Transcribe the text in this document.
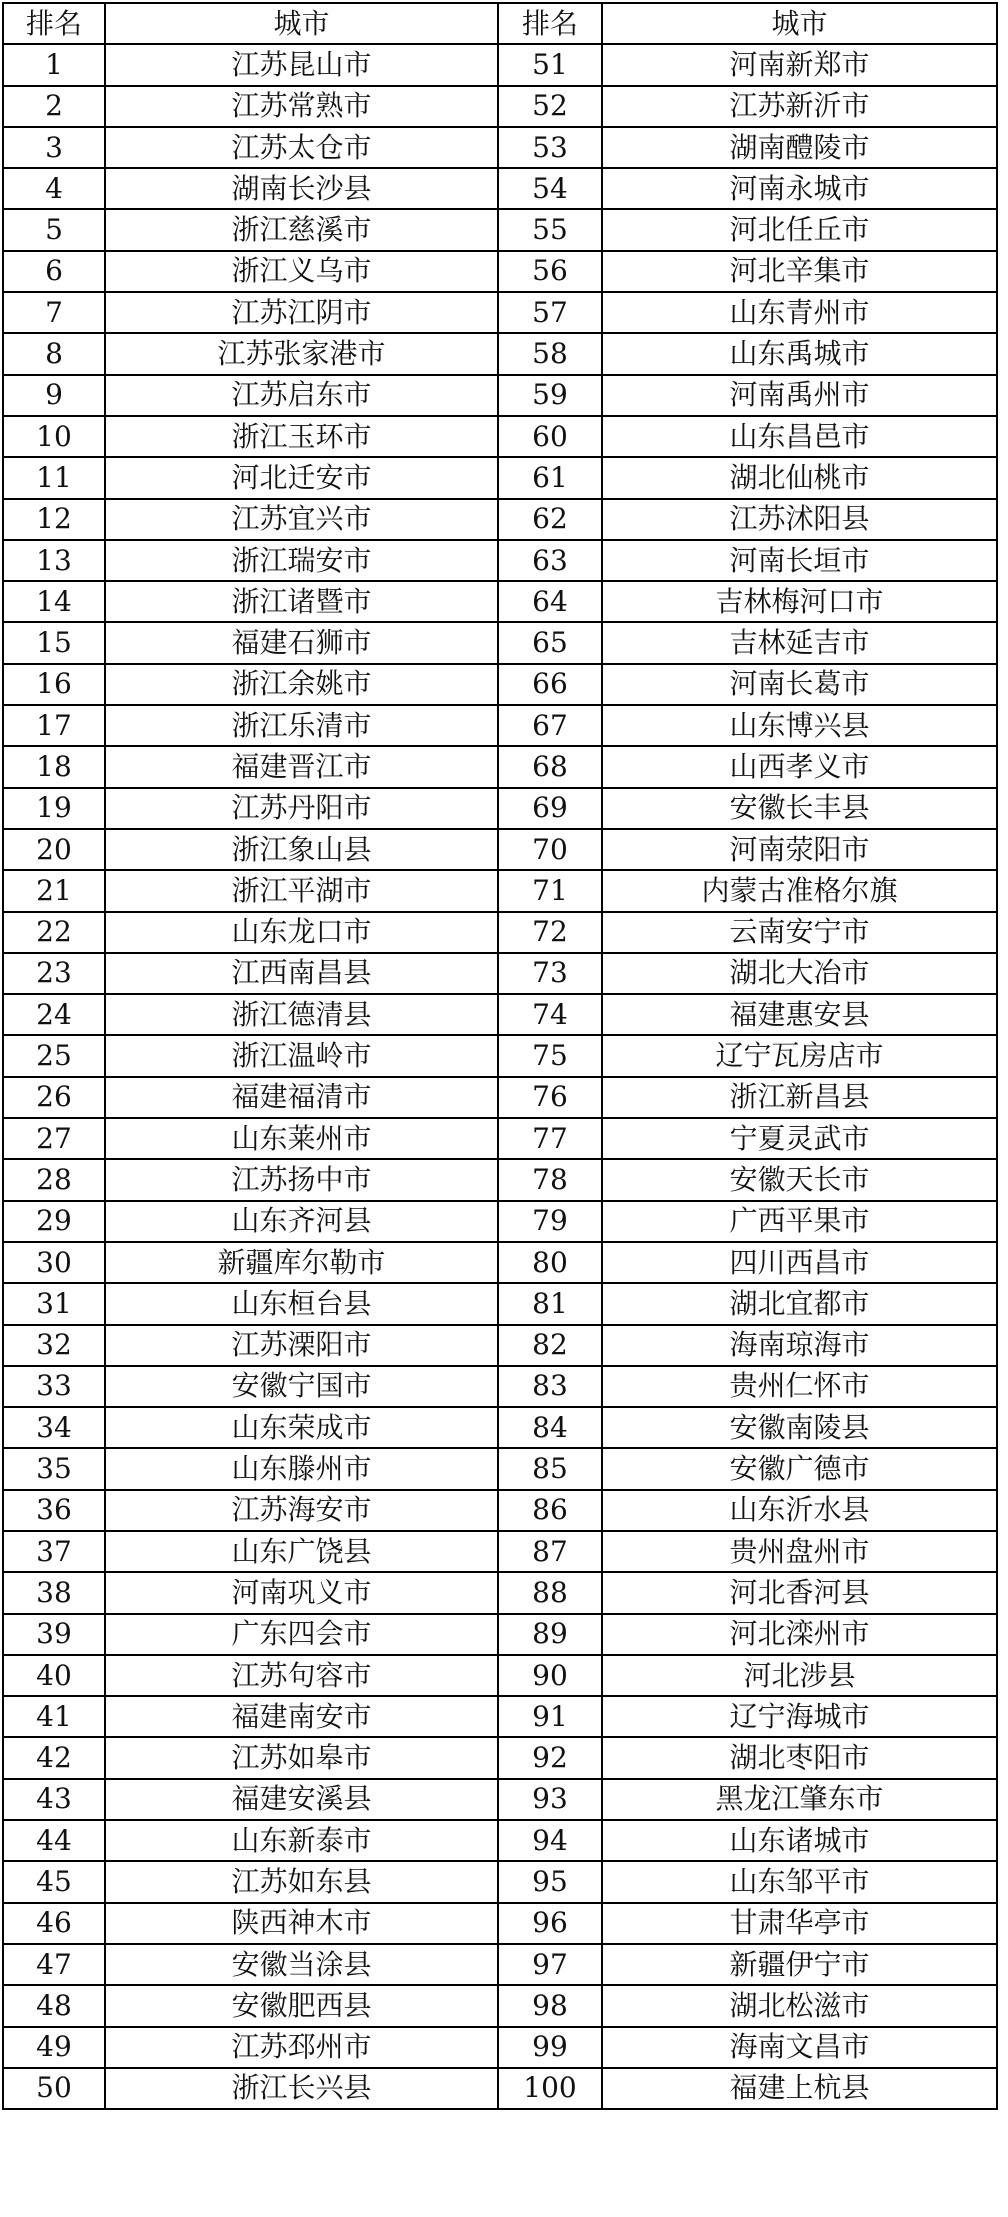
排名	城市	排名	城市
1	江苏昆山市	51	河南新郑市
2	江苏常熟市	52	江苏新沂市
3	江苏太仓市	53	湖南醴陵市
4	湖南长沙县	54	河南永城市
5	浙江慈溪市	55	河北任丘市
6	浙江义乌市	56	河北辛集市
7	江苏江阴市	57	山东青州市
8	江苏张家港市	58	山东禹城市
9	江苏启东市	59	河南禹州市
10	浙江玉环市	60	山东昌邑市
11	河北迁安市	61	湖北仙桃市
12	江苏宜兴市	62	江苏沭阳县
13	浙江瑞安市	63	河南长垣市
14	浙江诸暨市	64	吉林梅河口市
15	福建石狮市	65	吉林延吉市
16	浙江余姚市	66	河南长葛市
17	浙江乐清市	67	山东博兴县
18	福建晋江市	68	山西孝义市
19	江苏丹阳市	69	安徽长丰县
20	浙江象山县	70	河南荥阳市
21	浙江平湖市	71	内蒙古准格尔旗
22	山东龙口市	72	云南安宁市
23	江西南昌县	73	湖北大冶市
24	浙江德清县	74	福建惠安县
25	浙江温岭市	75	辽宁瓦房店市
26	福建福清市	76	浙江新昌县
27	山东莱州市	77	宁夏灵武市
28	江苏扬中市	78	安徽天长市
29	山东齐河县	79	广西平果市
30	新疆库尔勒市	80	四川西昌市
31	山东桓台县	81	湖北宜都市
32	江苏溧阳市	82	海南琼海市
33	安徽宁国市	83	贵州仁怀市
34	山东荣成市	84	安徽南陵县
35	山东滕州市	85	安徽广德市
36	江苏海安市	86	山东沂水县
37	山东广饶县	87	贵州盘州市
38	河南巩义市	88	河北香河县
39	广东四会市	89	河北滦州市
40	江苏句容市	90	河北涉县
41	福建南安市	91	辽宁海城市
42	江苏如皋市	92	湖北枣阳市
43	福建安溪县	93	黑龙江肇东市
44	山东新泰市	94	山东诸城市
45	江苏如东县	95	山东邹平市
46	陕西神木市	96	甘肃华亭市
47	安徽当涂县	97	新疆伊宁市
48	安徽肥西县	98	湖北松滋市
49	江苏邳州市	99	海南文昌市
50	浙江长兴县	100	福建上杭县
